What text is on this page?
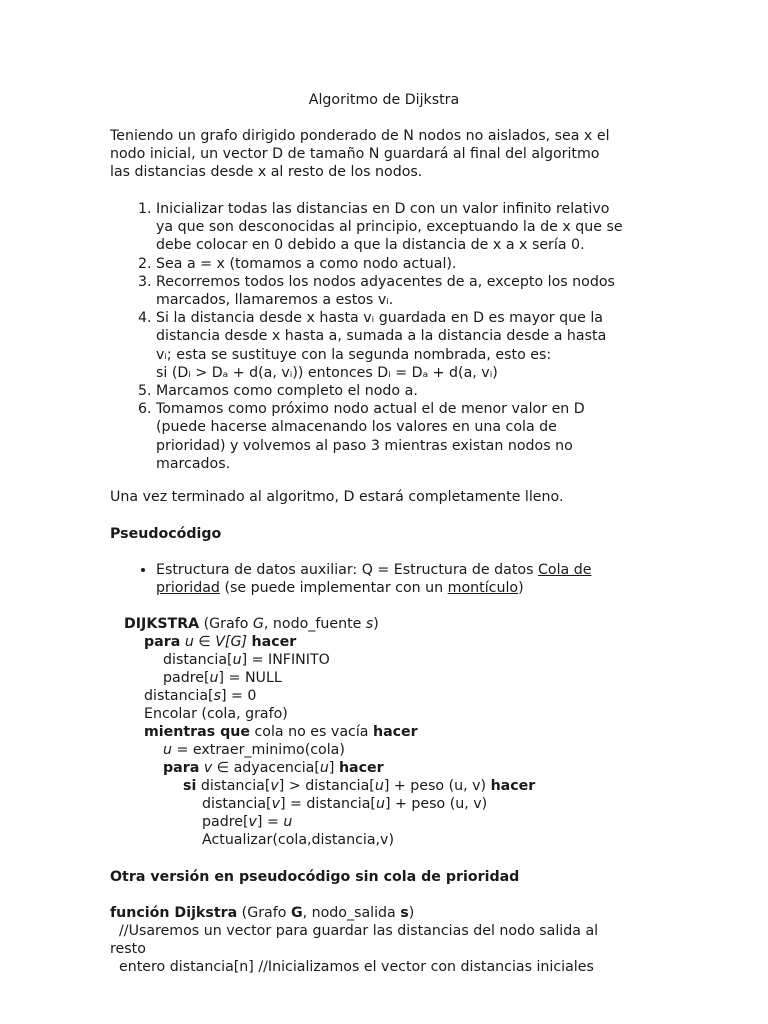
Algoritmo de Dijkstra
Teniendo un grafo dirigido ponderado de N nodos no aislados, sea x el
nodo inicial, un vector D de tamaño N guardará al final del algoritmo
las distancias desde x al resto de los nodos.
1. Inicializar todas las distancias en D con un valor infinito relativo
ya que son desconocidas al principio, exceptuando la de x que se
debe colocar en 0 debido a que la distancia de x a x sería 0.
2. Sea a = x (tomamos a como nodo actual).
3. Recorremos todos los nodos adyacentes de a, excepto los nodos
marcados, llamaremos a estos vᵢ.
4. Si la distancia desde x hasta vᵢ guardada en D es mayor que la
distancia desde x hasta a, sumada a la distancia desde a hasta
vᵢ; esta se sustituye con la segunda nombrada, esto es:
si (Dᵢ > Dₐ + d(a, vᵢ)) entonces Dᵢ = Dₐ + d(a, vᵢ)
5. Marcamos como completo el nodo a.
6. Tomamos como próximo nodo actual el de menor valor en D
(puede hacerse almacenando los valores en una cola de
prioridad) y volvemos al paso 3 mientras existan nodos no
marcados.
Una vez terminado al algoritmo, D estará completamente lleno.
Pseudocódigo
• Estructura de datos auxiliar: Q = Estructura de datos Cola de
prioridad (se puede implementar con un montículo)
DIJKSTRA (Grafo G, nodo_fuente s)
para u ∈ V[G] hacer
distancia[u] = INFINITO
padre[u] = NULL
distancia[s] = 0
Encolar (cola, grafo)
mientras que cola no es vacía hacer
u = extraer_minimo(cola)
para v ∈ adyacencia[u] hacer
si distancia[v] > distancia[u] + peso (u, v) hacer
distancia[v] = distancia[u] + peso (u, v)
padre[v] = u
Actualizar(cola,distancia,v)
Otra versión en pseudocódigo sin cola de prioridad
función Dijkstra (Grafo G, nodo_salida s)
//Usaremos un vector para guardar las distancias del nodo salida al
resto
entero distancia[n] //Inicializamos el vector con distancias iniciales
